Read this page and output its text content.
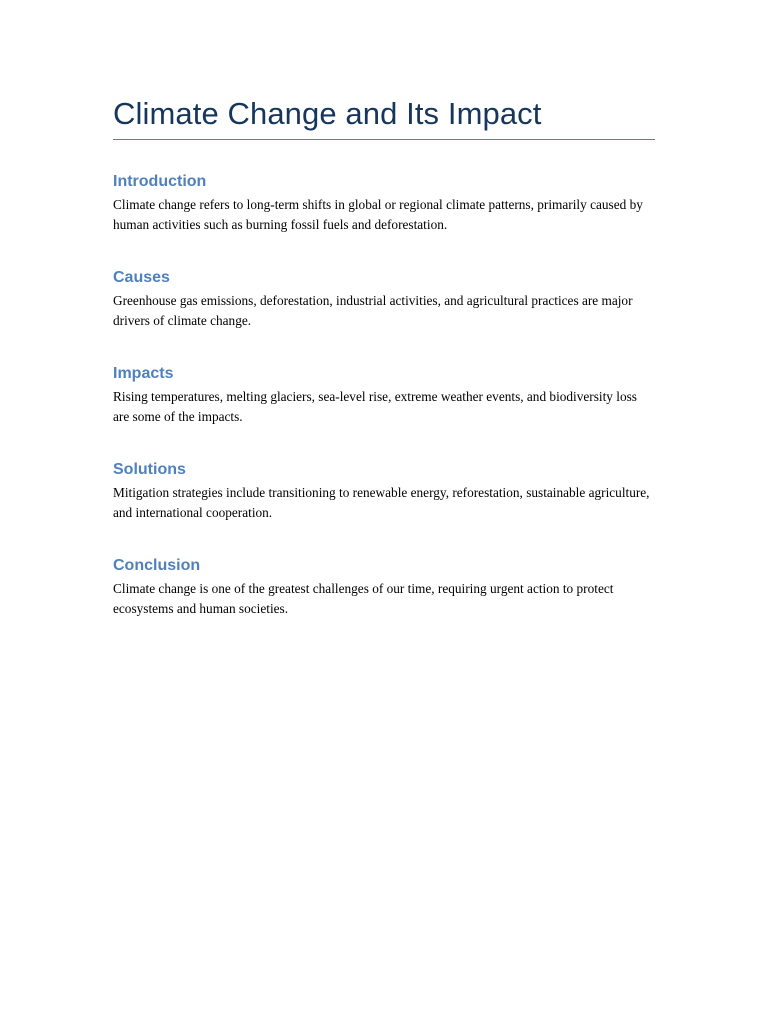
Climate Change and Its Impact
Introduction

Climate change refers to long-term shifts in global or regional climate patterns, primarily caused by human activities such as burning fossil fuels and deforestation.

Causes

Greenhouse gas emissions, deforestation, industrial activities, and agricultural practices are major drivers of climate change.

Impacts

Rising temperatures, melting glaciers, sea-level rise, extreme weather events, and biodiversity loss are some of the impacts.

Solutions

Mitigation strategies include transitioning to renewable energy, reforestation, sustainable agriculture, and international cooperation.

Conclusion

Climate change is one of the greatest challenges of our time, requiring urgent action to protect ecosystems and human societies.
